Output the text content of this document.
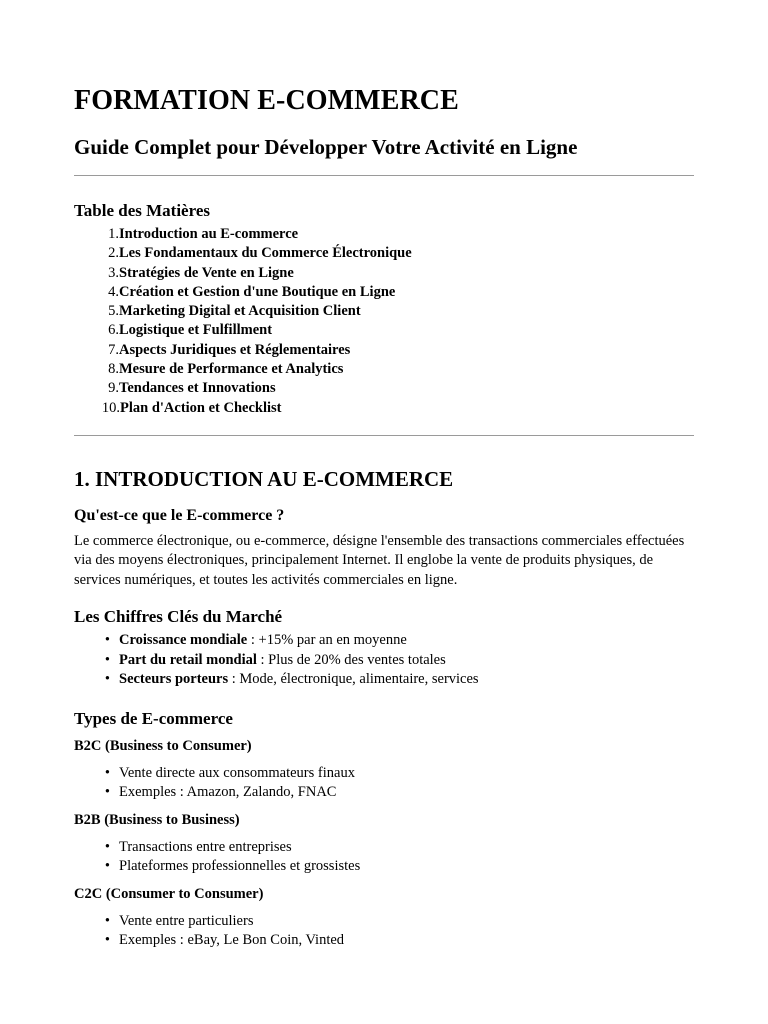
FORMATION E-COMMERCE
Guide Complet pour Développer Votre Activité en Ligne
Table des Matières
1. Introduction au E-commerce
2. Les Fondamentaux du Commerce Électronique
3. Stratégies de Vente en Ligne
4. Création et Gestion d'une Boutique en Ligne
5. Marketing Digital et Acquisition Client
6. Logistique et Fulfillment
7. Aspects Juridiques et Réglementaires
8. Mesure de Performance et Analytics
9. Tendances et Innovations
10. Plan d'Action et Checklist
1. INTRODUCTION AU E-COMMERCE
Qu'est-ce que le E-commerce ?

Le commerce électronique, ou e-commerce, désigne l'ensemble des transactions commerciales effectuées via des moyens électroniques, principalement Internet. Il englobe la vente de produits physiques, de services numériques, et toutes les activités commerciales en ligne.

Les Chiffres Clés du Marché
• Croissance mondiale : +15% par an en moyenne
• Part du retail mondial : Plus de 20% des ventes totales
• Secteurs porteurs : Mode, électronique, alimentaire, services
Types de E-commerce
B2C (Business to Consumer)
• Vente directe aux consommateurs finaux
• Exemples : Amazon, Zalando, FNAC
B2B (Business to Business)
• Transactions entre entreprises
• Plateformes professionnelles et grossistes
C2C (Consumer to Consumer)
• Vente entre particuliers
• Exemples : eBay, Le Bon Coin, Vinted
